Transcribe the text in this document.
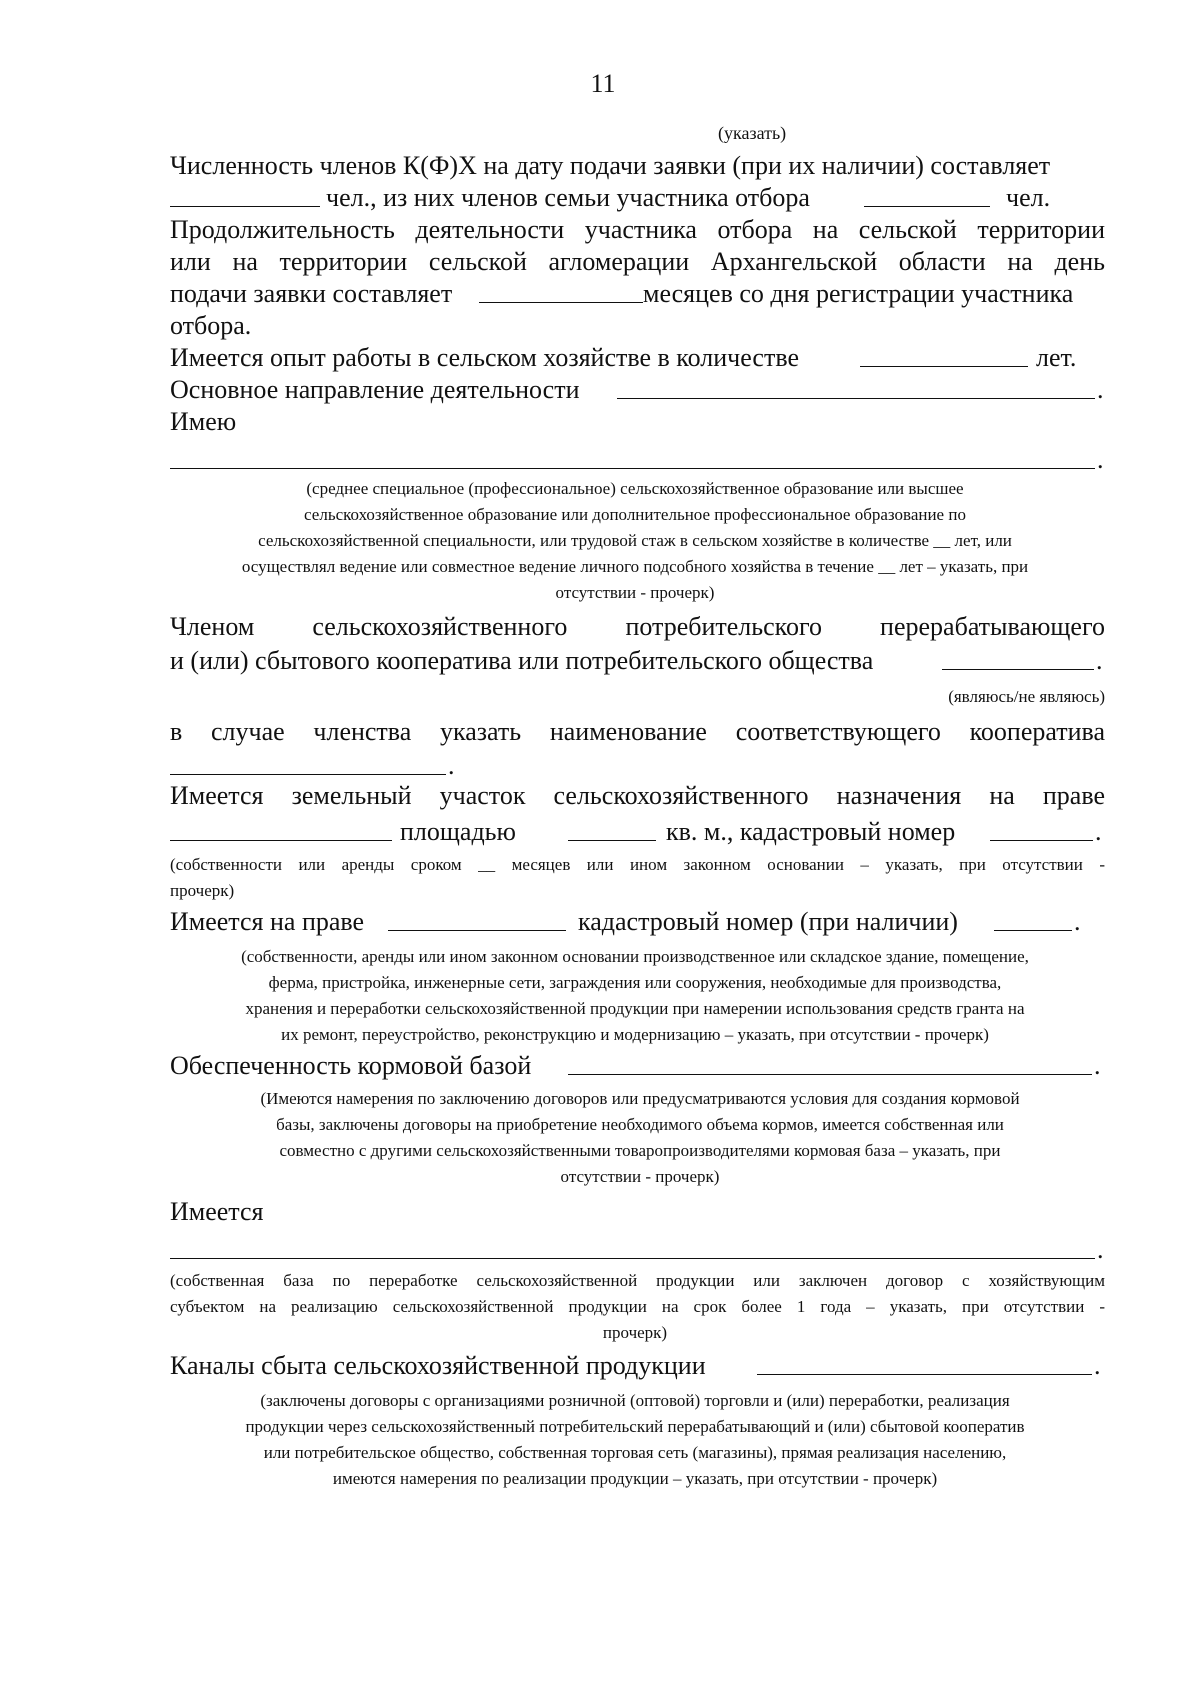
11
(указать)
Численность членов К(Ф)Х на дату подачи заявки (при их наличии) составляет
чел., из них членов семьи участника отбора	чел.
Продолжительность деятельности участника отбора на сельской территории
или на территории сельской агломерации Архангельской области на день
подачи заявки составляет	месяцев со дня регистрации участника
отбора.
Имеется опыт работы в сельском хозяйстве в количестве	лет.
Основное направление деятельности	.
Имею
.
(среднее специальное (профессиональное) сельскохозяйственное образование или высшее
сельскохозяйственное образование или дополнительное профессиональное образование по
сельскохозяйственной специальности, или трудовой стаж в сельском хозяйстве в количестве __ лет, или
осуществлял ведение или совместное ведение личного подсобного хозяйства в течение __ лет – указать, при
отсутствии - прочерк)
Членом сельскохозяйственного потребительского перерабатывающего
и (или) сбытового кооператива или потребительского общества	.
(являюсь/не являюсь)
в случае членства указать наименование соответствующего кооператива
.
Имеется земельный участок сельскохозяйственного назначения на праве
площадью	кв. м., кадастровый номер	.
(собственности или аренды сроком __ месяцев или ином законном основании – указать, при отсутствии -
прочерк)
Имеется на праве	кадастровый номер (при наличии)	.
(собственности, аренды или ином законном основании производственное или складское здание, помещение,
ферма, пристройка, инженерные сети, заграждения или сооружения, необходимые для производства,
хранения и переработки сельскохозяйственной продукции при намерении использования средств гранта на
их ремонт, переустройство, реконструкцию и модернизацию – указать, при отсутствии - прочерк)
Обеспеченность кормовой базой	.
(Имеются намерения по заключению договоров или предусматриваются условия для создания кормовой
базы, заключены договоры на приобретение необходимого объема кормов, имеется собственная или
совместно с другими сельскохозяйственными товаропроизводителями кормовая база – указать, при
отсутствии - прочерк)
Имеется
.
(собственная база по переработке сельскохозяйственной продукции или заключен договор с хозяйствующим
субъектом на реализацию сельскохозяйственной продукции на срок более 1 года – указать, при отсутствии -
прочерк)
Каналы сбыта сельскохозяйственной продукции	.
(заключены договоры с организациями розничной (оптовой) торговли и (или) переработки, реализация
продукции через сельскохозяйственный потребительский перерабатывающий и (или) сбытовой кооператив
или потребительское общество, собственная торговая сеть (магазины), прямая реализация населению,
имеются намерения по реализации продукции – указать, при отсутствии - прочерк)
